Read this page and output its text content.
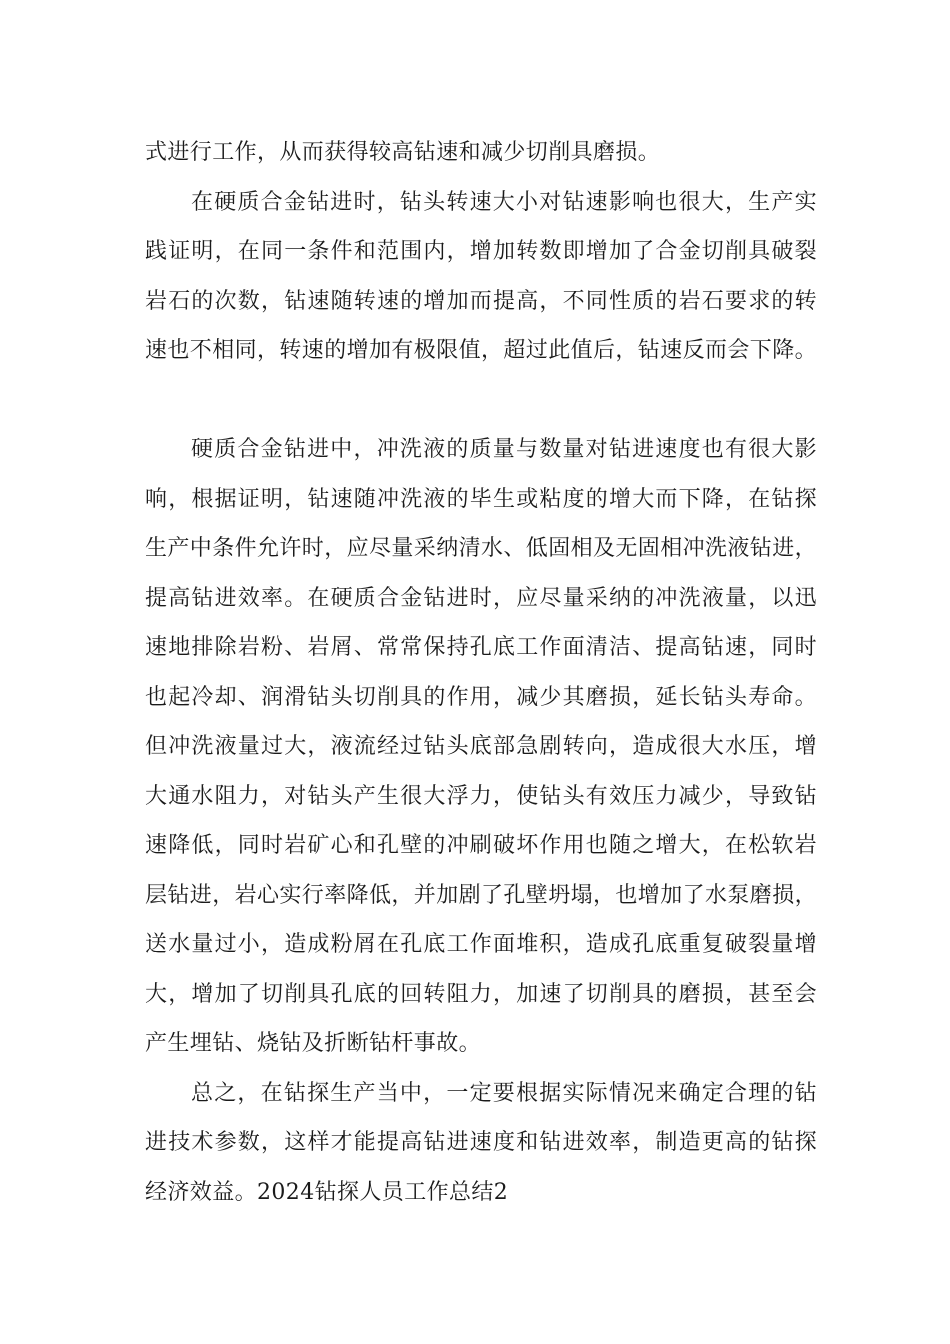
式进行工作，从而获得较高钻速和减少切削具磨损。
在硬质合金钻进时，钻头转速大小对钻速影响也很大，生产实
践证明，在同一条件和范围内，增加转数即增加了合金切削具破裂
岩石的次数，钻速随转速的增加而提高，不同性质的岩石要求的转
速也不相同，转速的增加有极限值，超过此值后，钻速反而会下降。
硬质合金钻进中，冲洗液的质量与数量对钻进速度也有很大影
响，根据证明，钻速随冲洗液的毕生或粘度的增大而下降，在钻探
生产中条件允许时，应尽量采纳清水、低固相及无固相冲洗液钻进，
提高钻进效率。在硬质合金钻进时，应尽量采纳的冲洗液量，以迅
速地排除岩粉、岩屑、常常保持孔底工作面清洁、提高钻速，同时
也起冷却、润滑钻头切削具的作用，减少其磨损，延长钻头寿命。
但冲洗液量过大，液流经过钻头底部急剧转向，造成很大水压，增
大通水阻力，对钻头产生很大浮力，使钻头有效压力减少，导致钻
速降低，同时岩矿心和孔壁的冲刷破坏作用也随之增大，在松软岩
层钻进，岩心实行率降低，并加剧了孔壁坍塌，也增加了水泵磨损，
送水量过小，造成粉屑在孔底工作面堆积，造成孔底重复破裂量增
大，增加了切削具孔底的回转阻力，加速了切削具的磨损，甚至会
产生埋钻、烧钻及折断钻杆事故。
总之，在钻探生产当中，一定要根据实际情况来确定合理的钻
进技术参数，这样才能提高钻进速度和钻进效率，制造更高的钻探
经济效益。2024钻探人员工作总结2
